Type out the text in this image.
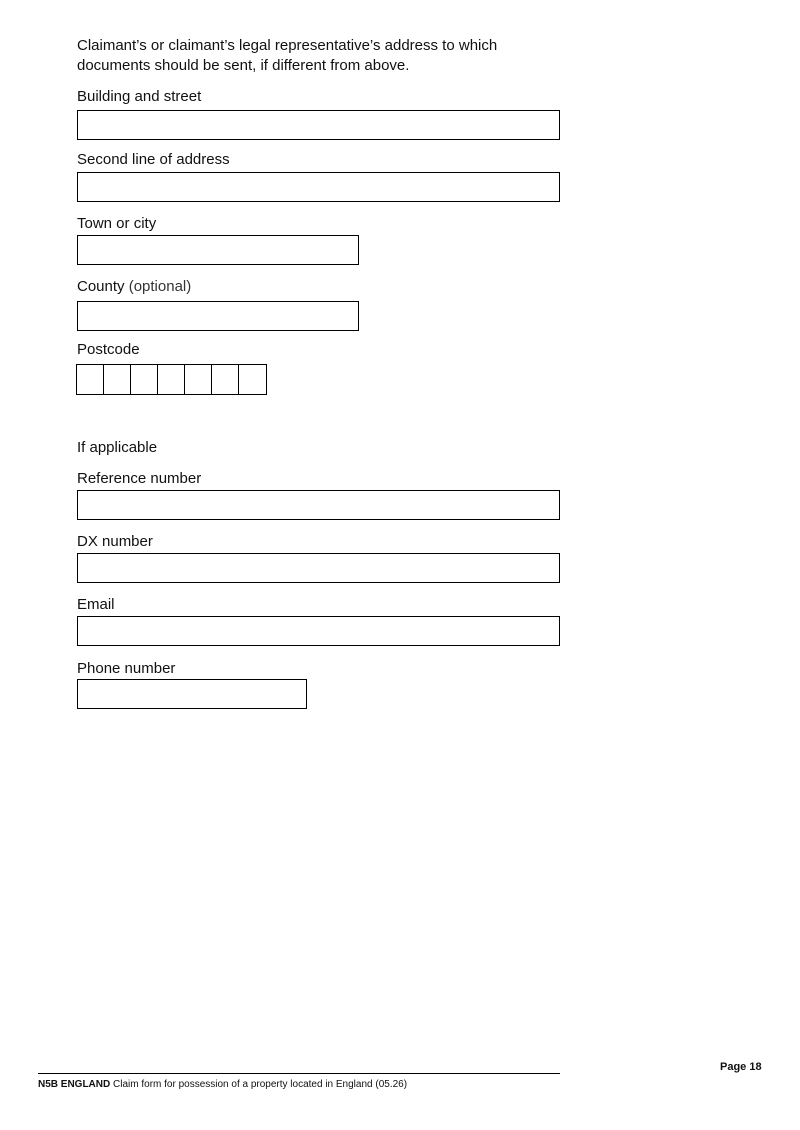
Claimant’s or claimant’s legal representative’s address to which documents should be sent, if different from above.

Building and street

Second line of address

Town or city

County (optional)

Postcode

If applicable

Reference number

DX number

Email

Phone number

Page 18
N5B ENGLAND Claim form for possession of a property located in England (05.26)
